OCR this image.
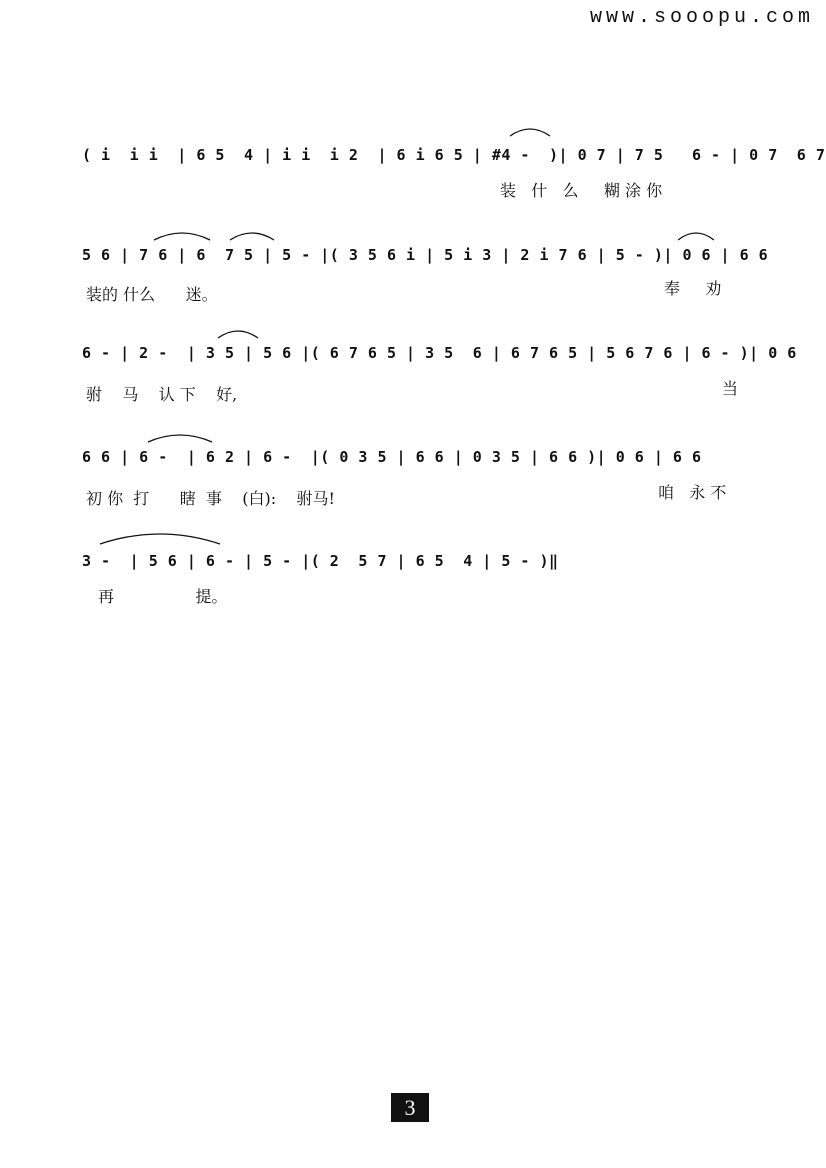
www.sooopu.com
( i  i i  | 6 5  4 | i i  i 2  | 6 i 6 5 | #4 -  )| 0 7 | 7 5   6 - | 0 7  6 7
装   什   么     糊 涂 你
5 6 | 7 6 | 6  7 5 | 5 - |( 3 5 6 i | 5 i 3 | 2 i 7 6 | 5 - )| 0 6 | 6 6
装的 什么      迷。	奉     劝
6 - | 2 -  | 3 5 | 5 6 |( 6 7 6 5 | 3 5  6 | 6 7 6 5 | 5 6 7 6 | 6 - )| 0 6
驸    马    认 下    好,	当
6 6 | 6 -  | 6 2 | 6 -  |( 0 3 5 | 6 6 | 0 3 5 | 6 6 )| 0 6 | 6 6
初 你  打      瞎  事    (白):    驸马!	咱   永 不
3 -  | 5 6 | 6 - | 5 - |( 2  5 7 | 6 5  4 | 5 - )‖
再                提。
3
